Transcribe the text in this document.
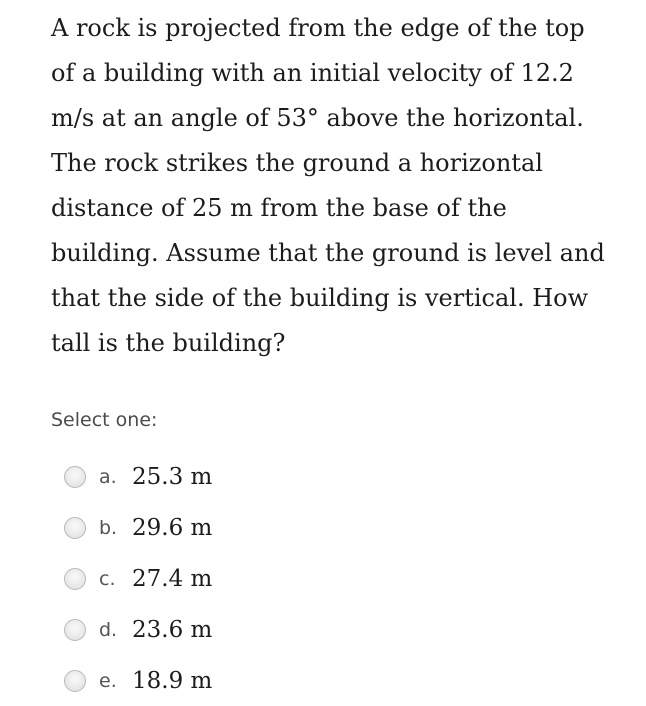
A rock is projected from the edge of the top of a building with an initial velocity of 12.2 m/s at an angle of 53° above the horizontal. The rock strikes the ground a horizontal distance of 25 m from the base of the building. Assume that the ground is level and that the side of the building is vertical. How tall is the building?

Select one:

a. 25.3 m
b. 29.6 m
c. 27.4 m
d. 23.6 m
e. 18.9 m
